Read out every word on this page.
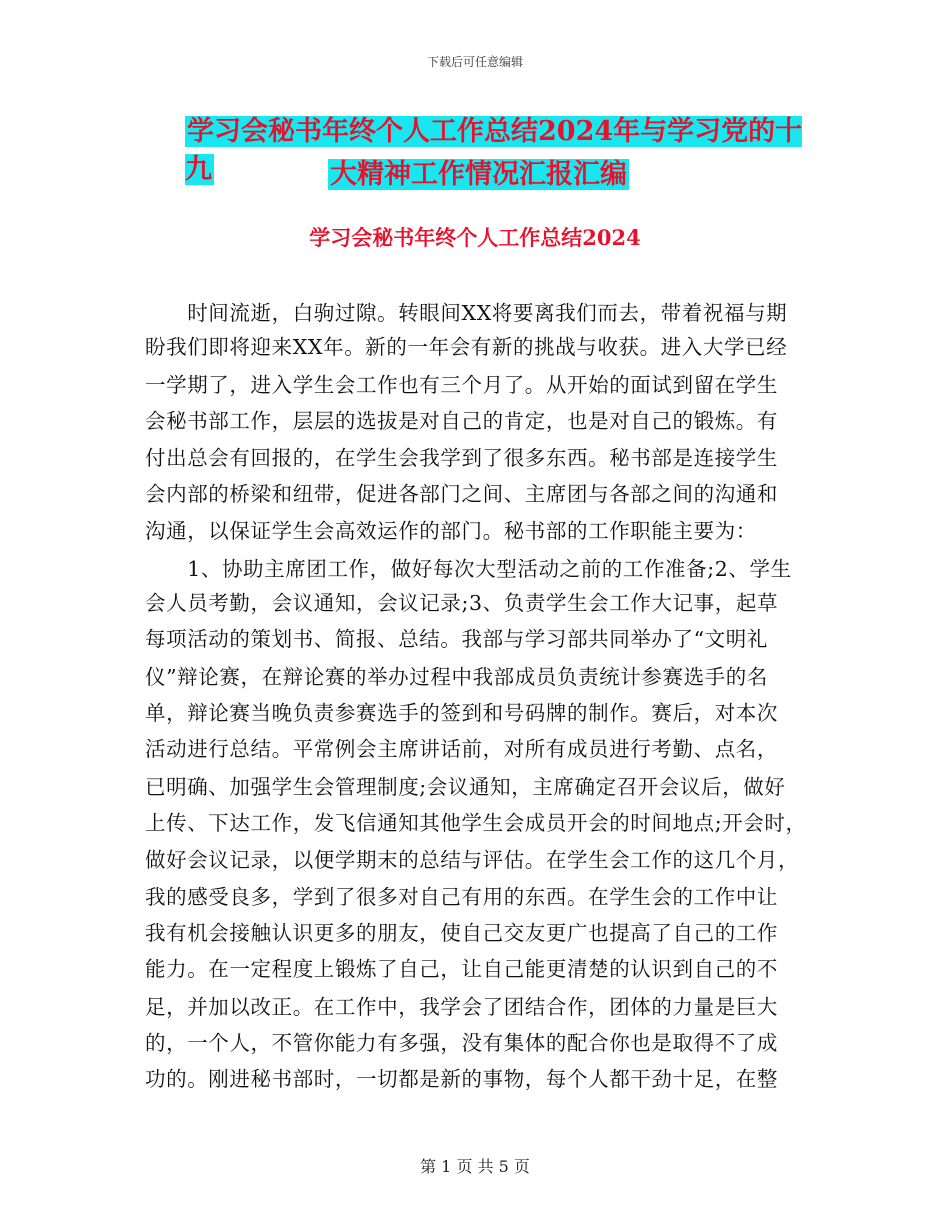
下载后可任意编辑
学习会秘书年终个人工作总结2024年与学习党的十九	大精神工作情况汇报汇编
学习会秘书年终个人工作总结2024
　　时间流逝，白驹过隙。转眼间XX将要离我们而去，带着祝福与期
盼我们即将迎来XX年。新的一年会有新的挑战与收获。进入大学已经
一学期了，进入学生会工作也有三个月了。从开始的面试到留在学生
会秘书部工作，层层的选拔是对自己的肯定，也是对自己的锻炼。有
付出总会有回报的，在学生会我学到了很多东西。秘书部是连接学生
会内部的桥梁和纽带，促进各部门之间、主席团与各部之间的沟通和
沟通，以保证学生会高效运作的部门。秘书部的工作职能主要为：
　　1、协助主席团工作，做好每次大型活动之前的工作准备;2、学生
会人员考勤，会议通知，会议记录;3、负责学生会工作大记事，起草
每项活动的策划书、简报、总结。我部与学习部共同举办了“文明礼
仪”辩论赛，在辩论赛的举办过程中我部成员负责统计参赛选手的名
单，辩论赛当晚负责参赛选手的签到和号码牌的制作。赛后，对本次
活动进行总结。平常例会主席讲话前，对所有成员进行考勤、点名，
已明确、加强学生会管理制度;会议通知，主席确定召开会议后，做好
上传、下达工作，发飞信通知其他学生会成员开会的时间地点;开会时，
做好会议记录，以便学期末的总结与评估。在学生会工作的这几个月，
我的感受良多，学到了很多对自己有用的东西。在学生会的工作中让
我有机会接触认识更多的朋友，使自己交友更广也提高了自己的工作
能力。在一定程度上锻炼了自己，让自己能更清楚的认识到自己的不
足，并加以改正。在工作中，我学会了团结合作，团体的力量是巨大
的，一个人，不管你能力有多强，没有集体的配合你也是取得不了成
功的。刚进秘书部时，一切都是新的事物，每个人都干劲十足，在整
第 1 页 共 5 页
